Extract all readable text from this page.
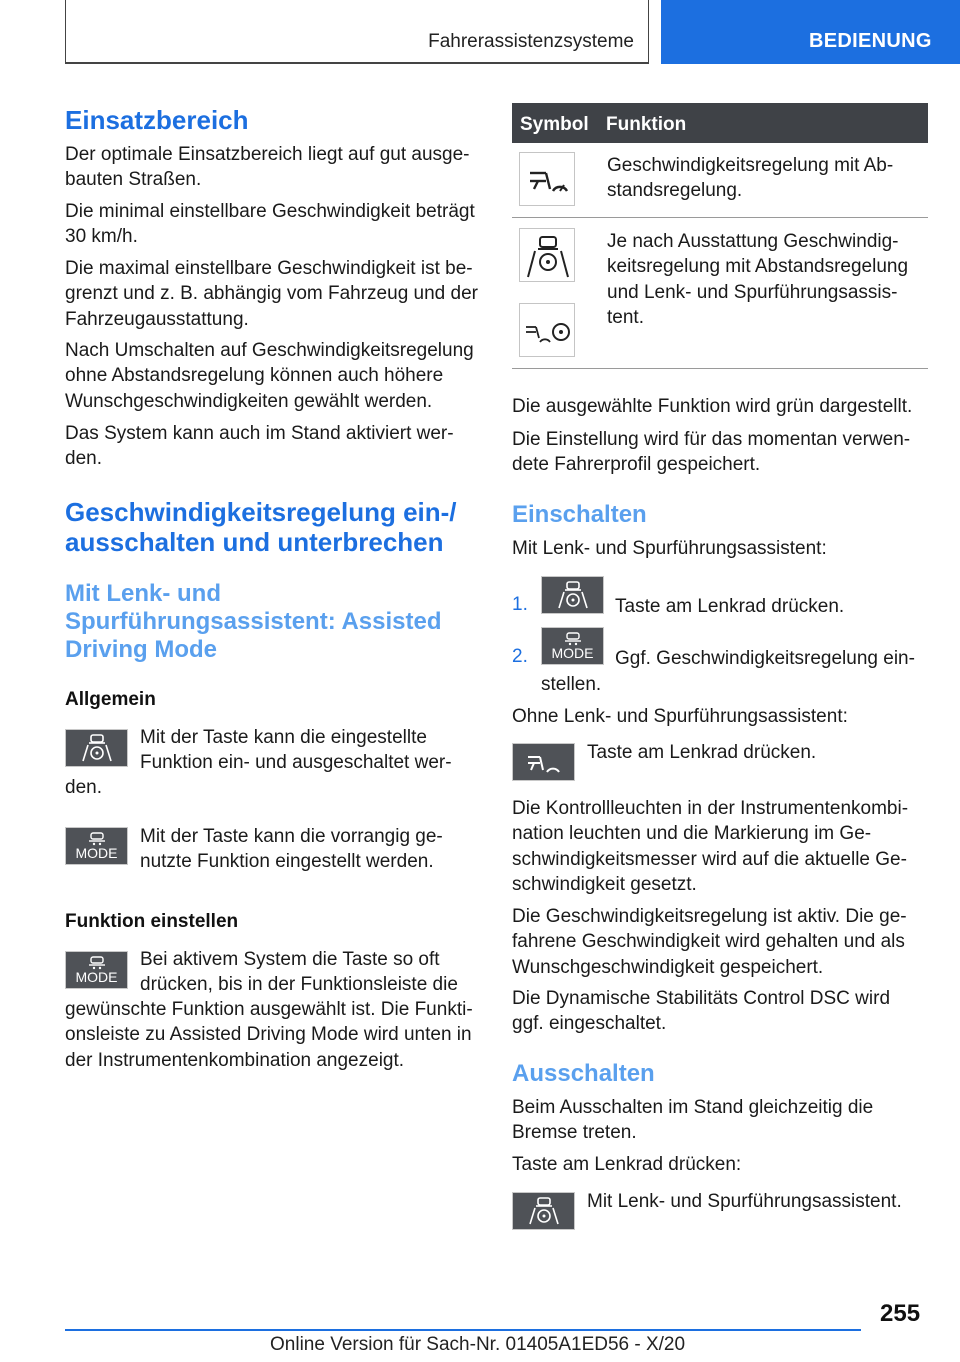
Fahrerassistenzsysteme	BEDIENUNG
Einsatzbereich
Der optimale Einsatzbereich liegt auf gut ausge-
bauten Straßen.
Die minimal einstellbare Geschwindigkeit beträgt
30 km/h.
Die maximal einstellbare Geschwindigkeit ist be-
grenzt und z. B. abhängig vom Fahrzeug und der
Fahrzeugausstattung.
Nach Umschalten auf Geschwindigkeitsregelung
ohne Abstandsregelung können auch höhere
Wunschgeschwindigkeiten gewählt werden.
Das System kann auch im Stand aktiviert wer-
den.
Geschwindigkeitsregelung ein-/
ausschalten und unterbrechen
Mit Lenk- und
Spurführungsassistent: Assisted
Driving Mode
Allgemein
Mit der Taste kann die eingestellte
Funktion ein- und ausgeschaltet wer-
den.
MODE
Mit der Taste kann die vorrangig ge-
nutzte Funktion eingestellt werden.
Funktion einstellen
MODE
Bei aktivem System die Taste so oft
drücken, bis in der Funktionsleiste die
gewünschte Funktion ausgewählt ist. Die Funkti-
onsleiste zu Assisted Driving Mode wird unten in
der Instrumentenkombination angezeigt.
Symbol Funktion
Geschwindigkeitsregelung mit Ab-
standsregelung.
Je nach Ausstattung Geschwindig-
keitsregelung mit Abstandsregelung
und Lenk- und Spurführungsassis-
tent.
Die ausgewählte Funktion wird grün dargestellt.
Die Einstellung wird für das momentan verwen-
dete Fahrerprofil gespeichert.
Einschalten
Mit Lenk- und Spurführungsassistent:
1.	Taste am Lenkrad drücken.
2. MODE Ggf. Geschwindigkeitsregelung ein-
stellen.
Ohne Lenk- und Spurführungsassistent:
Taste am Lenkrad drücken.
Die Kontrollleuchten in der Instrumentenkombi-
nation leuchten und die Markierung im Ge-
schwindigkeitsmesser wird auf die aktuelle Ge-
schwindigkeit gesetzt.
Die Geschwindigkeitsregelung ist aktiv. Die ge-
fahrene Geschwindigkeit wird gehalten und als
Wunschgeschwindigkeit gespeichert.
Die Dynamische Stabilitäts Control DSC wird
ggf. eingeschaltet.
Ausschalten
Beim Ausschalten im Stand gleichzeitig die
Bremse treten.
Taste am Lenkrad drücken:
Mit Lenk- und Spurführungsassistent.
255
Online Version für Sach-Nr. 01405A1ED56 - X/20
